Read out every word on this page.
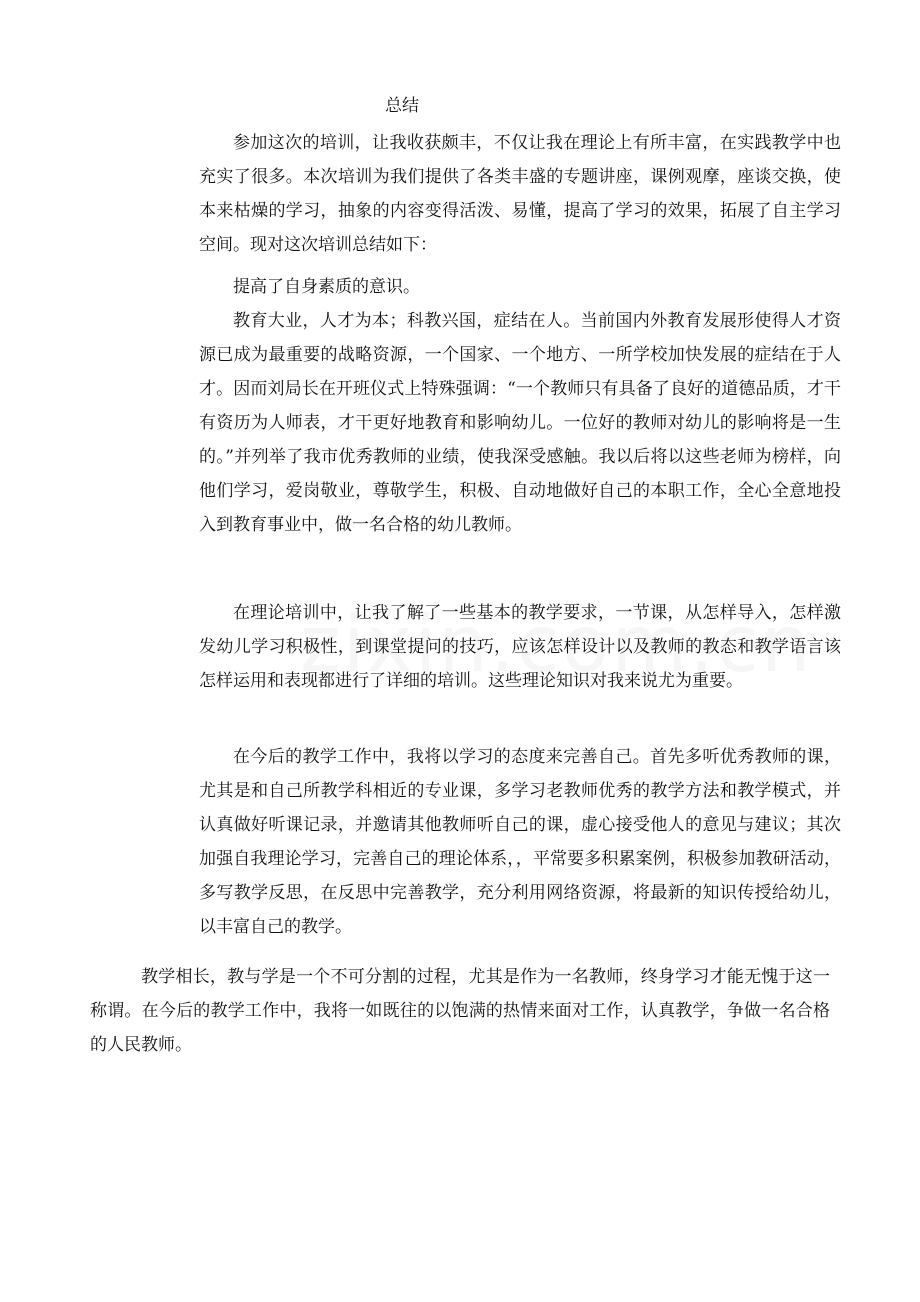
总结

参加这次的培训，让我收获颇丰，不仅让我在理论上有所丰富，在实践教学中也充实了很多。本次培训为我们提供了各类丰盛的专题讲座，课例观摩，座谈交换，使本来枯燥的学习，抽象的内容变得活泼、易懂，提高了学习的效果，拓展了自主学习空间。现对这次培训总结如下：

提高了自身素质的意识。

教育大业，人才为本；科教兴国，症结在人。当前国内外教育发展形使得人才资源已成为最重要的战略资源，一个国家、一个地方、一所学校加快发展的症结在于人才。因而刘局长在开班仪式上特殊强调：“一个教师只有具备了良好的道德品质，才干有资历为人师表，才干更好地教育和影响幼儿。一位好的教师对幼儿的影响将是一生的。”并列举了我市优秀教师的业绩，使我深受感触。我以后将以这些老师为榜样，向他们学习，爱岗敬业，尊敬学生，积极、自动地做好自己的本职工作，全心全意地投入到教育事业中，做一名合格的幼儿教师。

在理论培训中，让我了解了一些基本的教学要求，一节课，从怎样导入，怎样激发幼儿学习积极性，到课堂提问的技巧，应该怎样设计以及教师的教态和教学语言该怎样运用和表现都进行了详细的培训。这些理论知识对我来说尤为重要。

在今后的教学工作中，我将以学习的态度来完善自己。首先多听优秀教师的课，尤其是和自己所教学科相近的专业课，多学习老教师优秀的教学方法和教学模式，并认真做好听课记录，并邀请其他教师听自己的课，虚心接受他人的意见与建议；其次加强自我理论学习，完善自己的理论体系，，平常要多积累案例，积极参加教研活动，多写教学反思，在反思中完善教学，充分利用网络资源，将最新的知识传授给幼儿，以丰富自己的教学。

教学相长，教与学是一个不可分割的过程，尤其是作为一名教师，终身学习才能无愧于这一称谓。在今后的教学工作中，我将一如既往的以饱满的热情来面对工作，认真教学，争做一名合格的人民教师。
